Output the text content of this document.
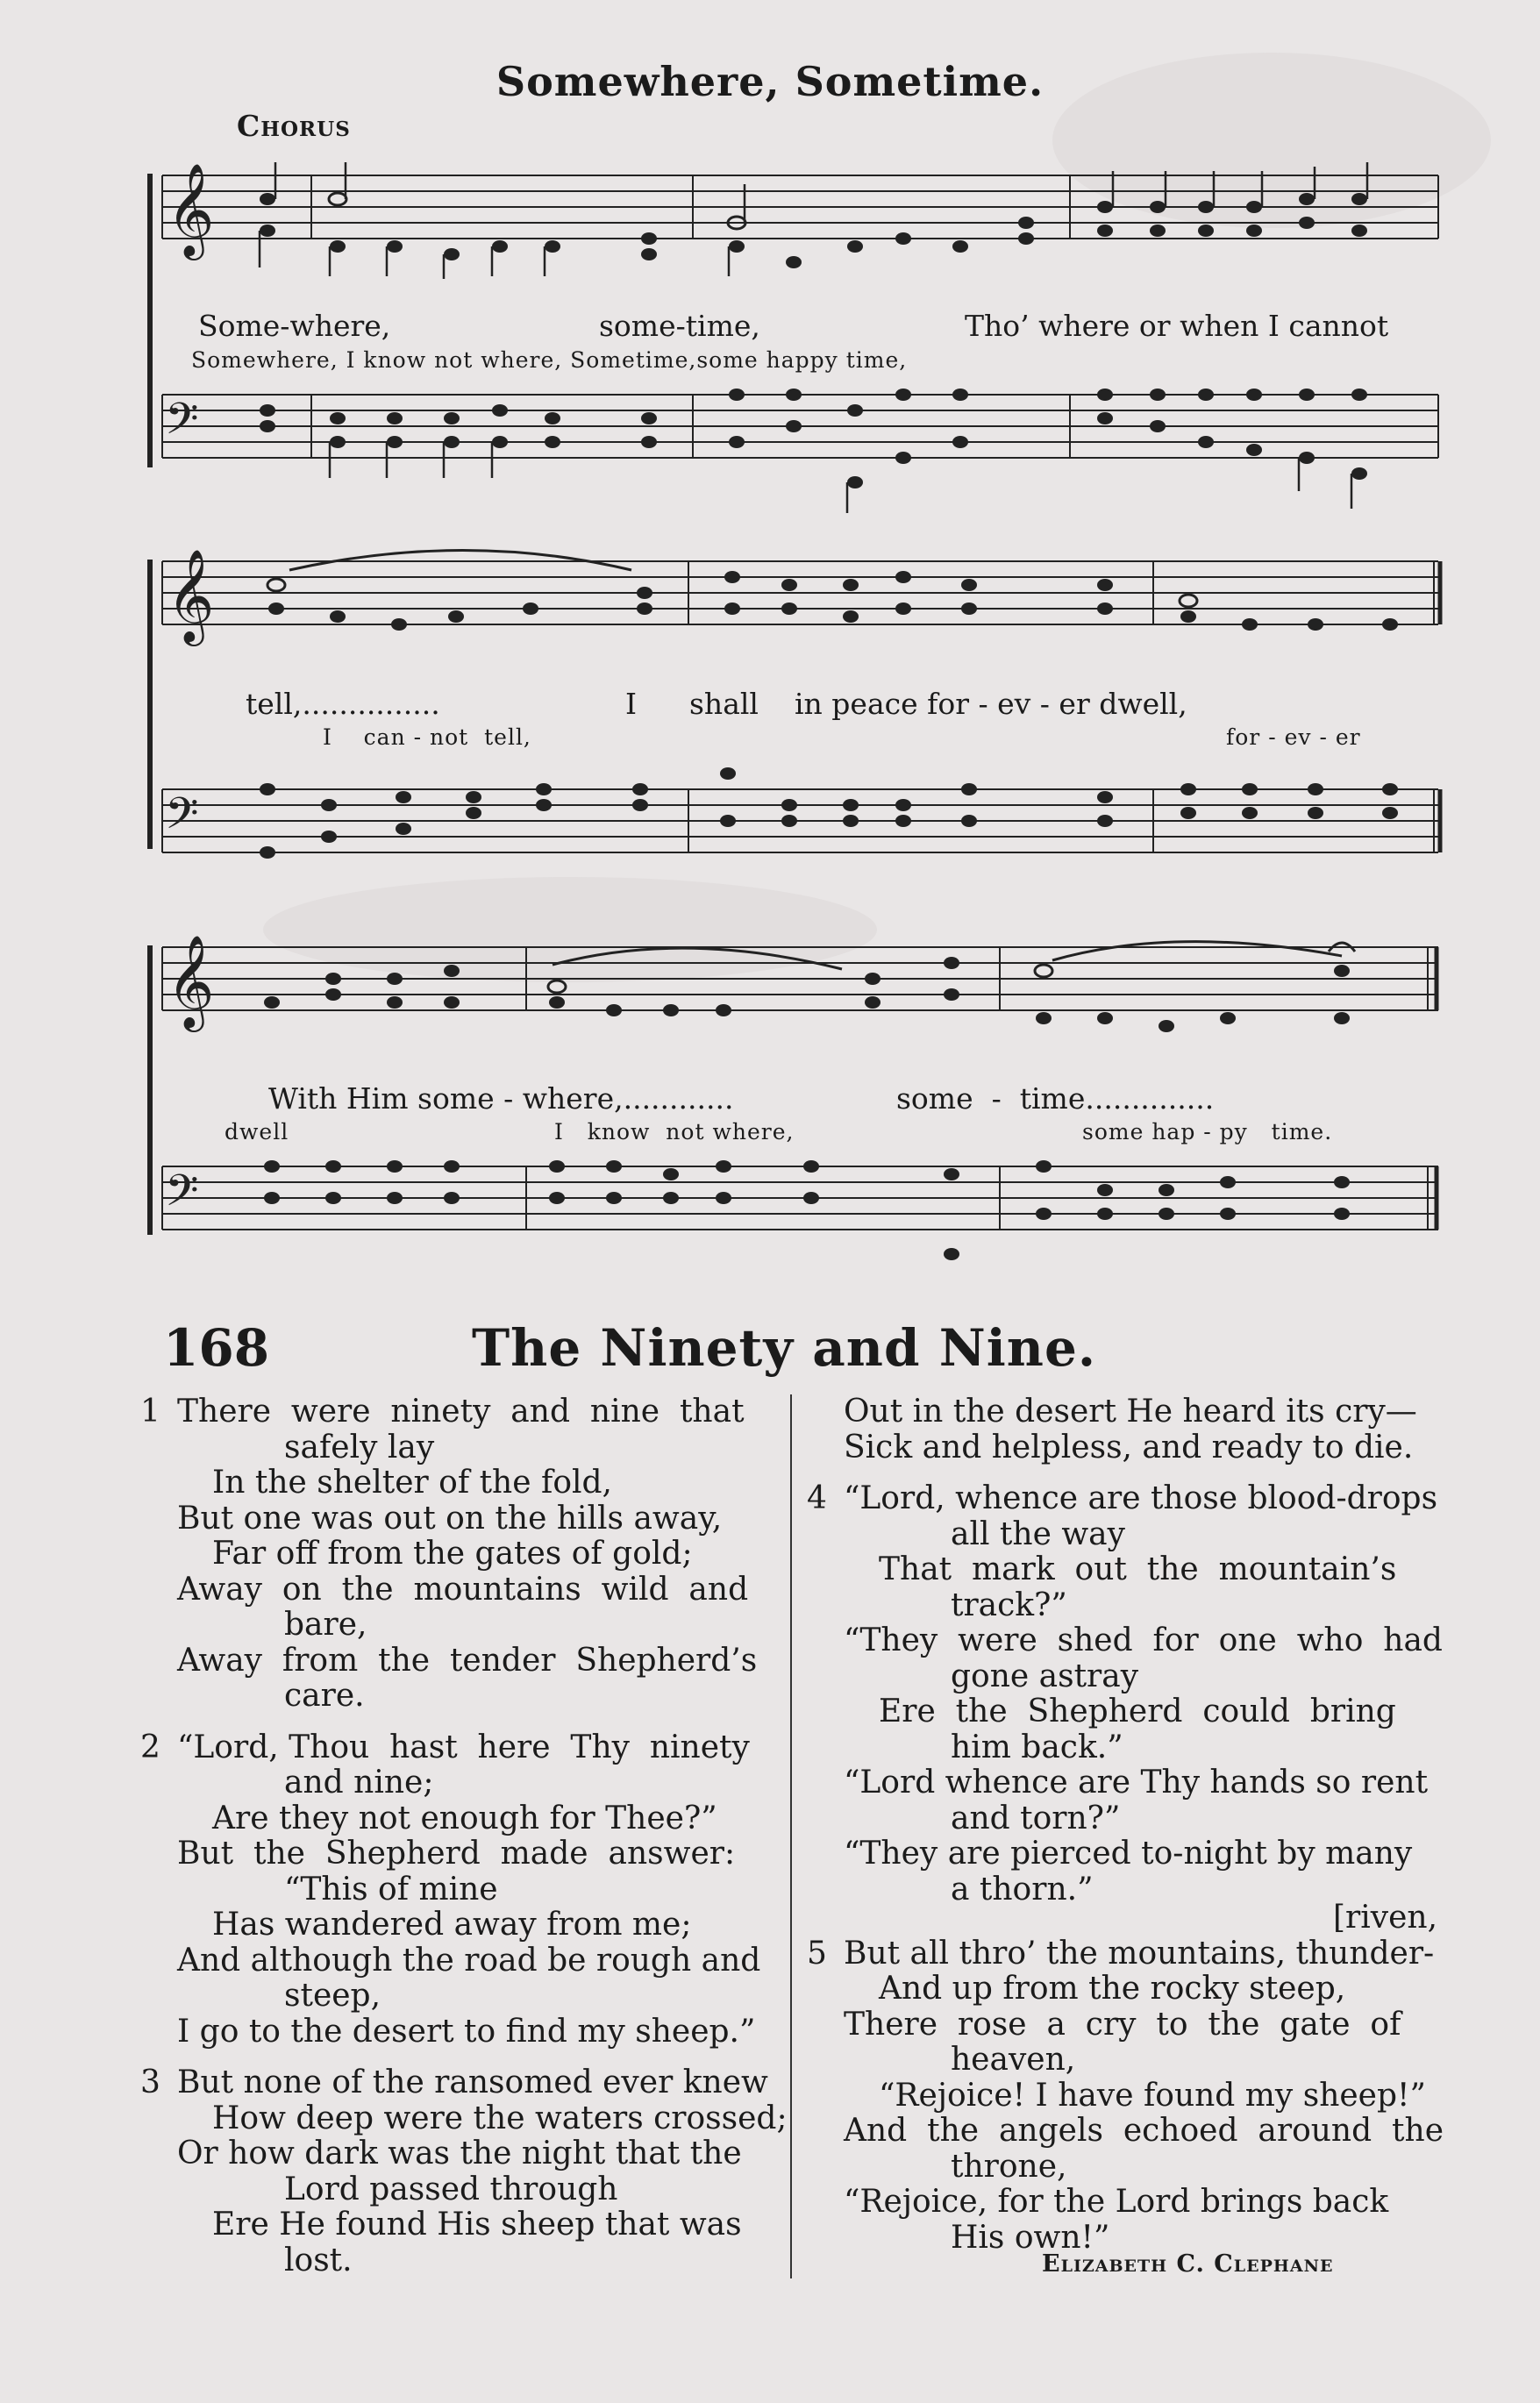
Somewhere, Sometime.
Chorus
𝄞
Some-where,	some-time,	Tho’ where or when I cannot
Somewhere, I know not where, Sometime,some happy time,
𝄢
𝄞
tell,...............	I shall in peace for - ev - er dwell,
I    can - not  tell,	for - ev - er
𝄢
𝄞
With Him some - where,............	some  -  time..............
dwell	I   know  not where,	some hap - py   time.
𝄢
168	The Ninety and Nine.
1 There  were  ninety  and  nine  that
safely lay
In the shelter of the fold,
But one was out on the hills away,
Far off from the gates of gold;
Away  on  the  mountains  wild  and
bare,
Away  from  the  tender  Shepherd’s
care.
2 “Lord, Thou  hast  here  Thy  ninety
and nine;
Are they not enough for Thee?”
But  the  Shepherd  made  answer:
“This of mine
Has wandered away from me;
And although the road be rough and
steep,
I go to the desert to find my sheep.”
3 But none of the ransomed ever knew
How deep were the waters crossed;
Or how dark was the night that the
Lord passed through
Ere He found His sheep that was
lost.
Out in the desert He heard its cry—
Sick and helpless, and ready to die.
4 “Lord, whence are those blood-drops
all the way
That  mark  out  the  mountain’s
track?”
“They  were  shed  for  one  who  had
gone astray
Ere  the  Shepherd  could  bring
him back.”
“Lord whence are Thy hands so rent
and torn?”
“They are pierced to-night by many
a thorn.”
[riven,
5 But all thro’ the mountains, thunder-
And up from the rocky steep,
There  rose  a  cry  to  the  gate  of
heaven,
“Rejoice! I have found my sheep!”
And  the  angels  echoed  around  the
throne,
“Rejoice, for the Lord brings back
His own!”
Elizabeth C. Clephane
